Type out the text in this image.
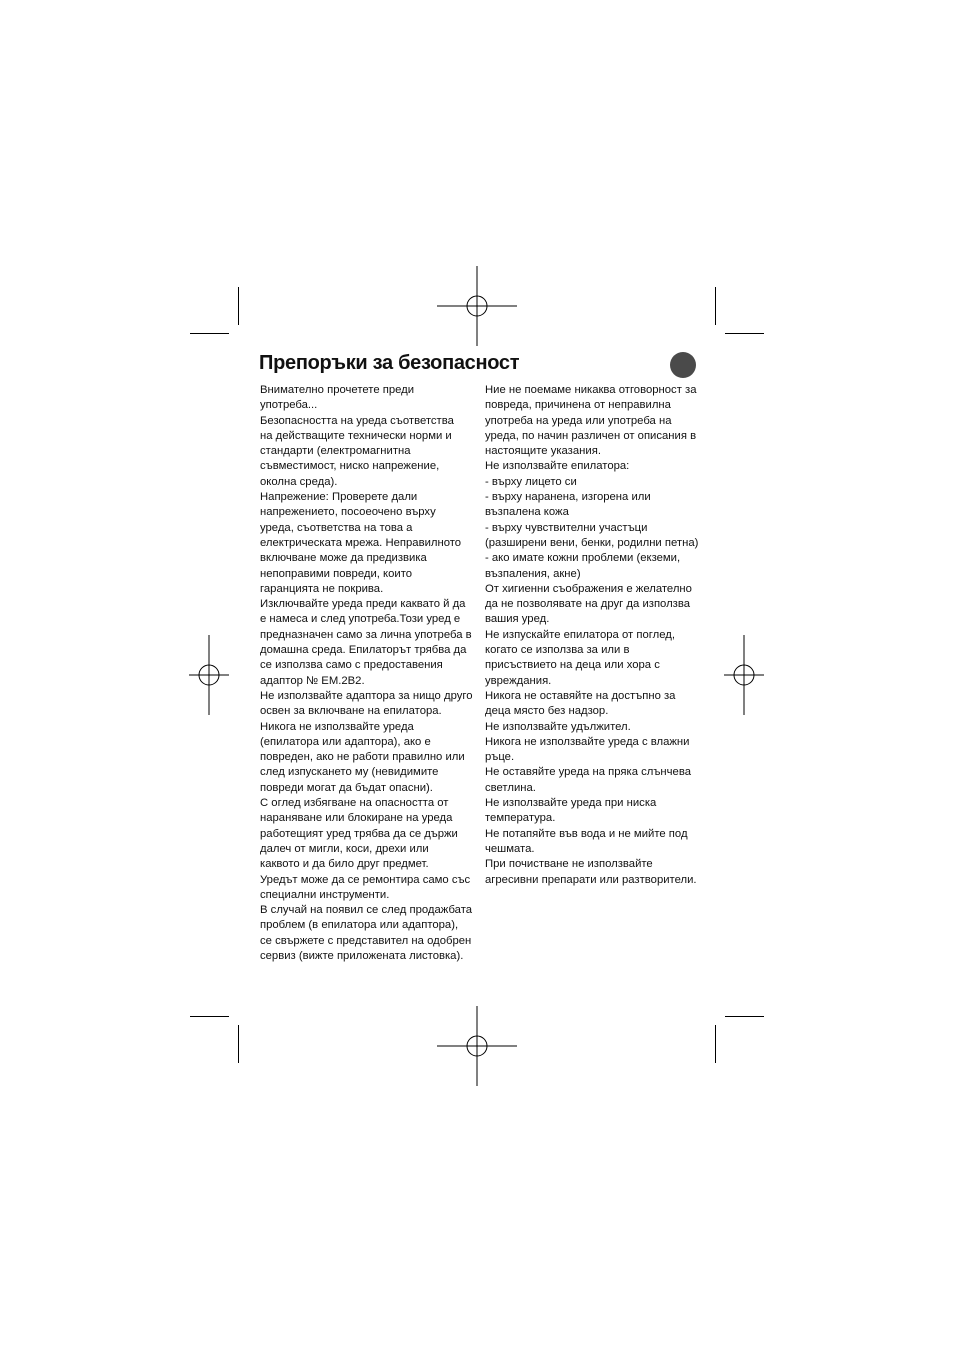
Препоръки за безопасност
Внимателно прочетете преди
употреба...
Безопасността на уреда съответства
на действащите технически норми и
стандарти (електромагнитна
съвместимост, ниско напрежение,
околна среда).
Напрежение: Проверете дали
напрежението, посоеочено върху
уреда, съответства на това а
електрическата мрежа. Неправилното
включване може да предизвика
непоправими повреди, които
гаранцията не покрива.
Изключвайте уреда преди каквато й да
е намеса и след употреба.Този уред е
предназначен само за лична употреба в
домашна среда. Епилаторът трябва да
се използва само с предоставения
адаптор № EM.2B2.
Не използвайте адаптора за нищо друго
освен за включване на епилатора.
Никога не използвайте уреда
(епилатора или адаптора), ако е
повреден, ако не работи правилно или
след изпускането му (невидимите
повреди могат да бъдат опасни).
С оглед избягване на опасността от
нараняване или блокиране на уреда
работещият уред трябва да се държи
далеч от мигли, коси, дрехи или
каквото и да било друг предмет.
Уредът може да се ремонтира само със
специални инструменти.
В случай на появил се след продажбата
проблем (в епилатора или адаптора),
се свържете с представител на одобрен
сервиз (вижте приложената листовка).
Ние не поемаме никаква отговорност за
повреда, причинена от неправилна
употреба на уреда или употреба на
уреда, по начин различен от описания в
настоящите указания.
Не използвайте епилатора:
- върху лицето си
- върху наранена, изгорена или
възпалена кожа
- върху чувствителни участъци
(разширени вени, бенки, родилни петна)
- ако имате кожни проблеми (екземи,
възпаления, акне)
От хигиенни съображения е желателно
да не позволявате на друг да използва
вашия уред.
Не изпускайте епилатора от поглед,
когато се използва за или в
присъствието на деца или хора с
увреждания.
Никога не оставяйте на достъпно за
деца място без надзор.
Не използвайте удължител.
Никога не използвайте уреда с влажни
ръце.
Не оставяйте уреда на пряка слънчева
светлина.
Не използвайте уреда при ниска
температура.
Не потапяйте във вода и не мийте под
чешмата.
При почистване не използвайте
агресивни препарати или разтворители.
